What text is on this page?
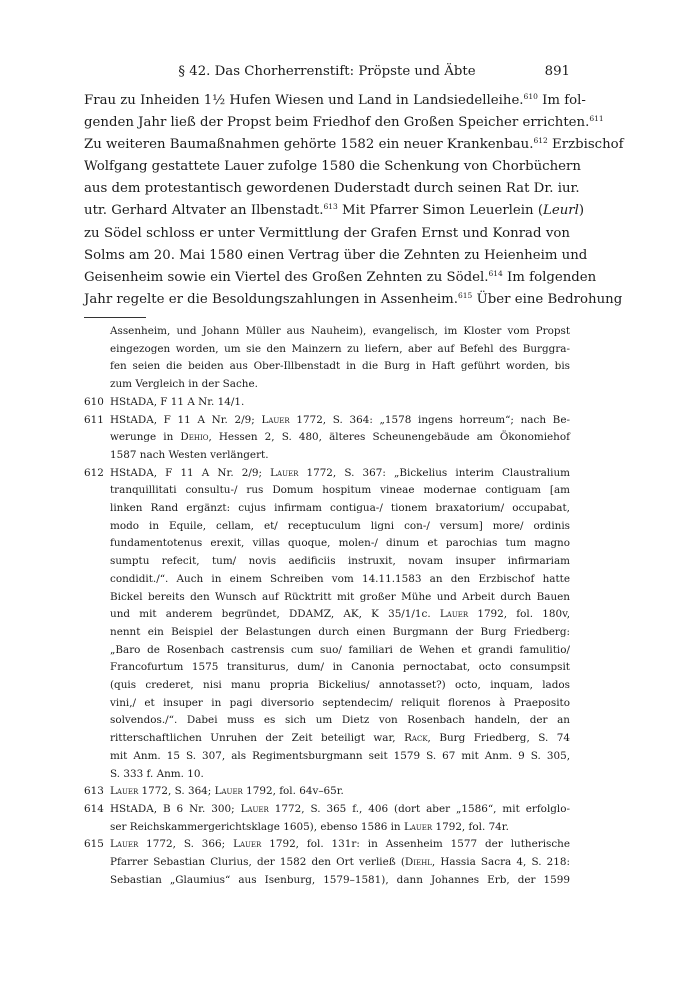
§ 42. Das Chorherrenstift: Pröpste und Äbte	891
Frau zu Inheiden 1½ Hufen Wiesen und Land in Landsiedelleihe.$^{610}$ Im fol-
genden Jahr ließ der Propst beim Friedhof den Großen Speicher errichten.$^{611}$
Zu weiteren Baumaßnahmen gehörte 1582 ein neuer Krankenbau.$^{612}$ Erzbischof
Wolfgang gestattete Lauer zufolge 1580 die Schenkung von Chorbüchern
aus dem protestantisch gewordenen Duderstadt durch seinen Rat Dr. iur.
utr. Gerhard Altvater an Ilbenstadt.$^{613}$ Mit Pfarrer Simon Leuerlein (Leurl)
zu Södel schloss er unter Vermittlung der Grafen Ernst und Konrad von
Solms am 20. Mai 1580 einen Vertrag über die Zehnten zu Heienheim und
Geisenheim sowie ein Viertel des Großen Zehnten zu Södel.$^{614}$ Im folgenden
Jahr regelte er die Besoldungszahlungen in Assenheim.$^{615}$ Über eine Bedrohung
Assenheim, und Johann Müller aus Nauheim), evangelisch, im Kloster vom Propst
eingezogen worden, um sie den Mainzern zu liefern, aber auf Befehl des Burggra-
fen seien die beiden aus Ober-Illbenstadt in die Burg in Haft geführt worden, bis
zum Vergleich in der Sache.
610 HStADA, F 11 A Nr. 14/1.
611 HStADA, F 11 A Nr. 2/9; Lauer 1772, S. 364: „1578 ingens horreum“; nach Be-
werunge in Dehio, Hessen 2, S. 480, älteres Scheunengebäude am Ökonomiehof
1587 nach Westen verlängert.
612 HStADA, F 11 A Nr. 2/9; Lauer 1772, S. 367: „Bickelius interim Claustralium
tranquillitati consultu-/ rus Domum hospitum vineae modernae contiguam [am
linken Rand ergänzt: cujus infirmam contigua-/ tionem braxatorium/ occupabat,
modo in Equile, cellam, et/ receptuculum ligni con-/ versum] more/ ordinis
fundamentotenus erexit, villas quoque, molen-/ dinum et parochias tum magno
sumptu refecit, tum/ novis aedificiis instruxit, novam insuper infirmariam
condidit./“. Auch in einem Schreiben vom 14.11.1583 an den Erzbischof hatte
Bickel bereits den Wunsch auf Rücktritt mit großer Mühe und Arbeit durch Bauen
und mit anderem begründet, DDAMZ, AK, K 35/1/1c. Lauer 1792, fol. 180v,
nennt ein Beispiel der Belastungen durch einen Burgmann der Burg Friedberg:
„Baro de Rosenbach castrensis cum suo/ familiari de Wehen et grandi famulitio/
Francofurtum 1575 transiturus, dum/ in Canonia pernoctabat, octo consumpsit
(quis crederet, nisi manu propria Bickelius/ annotasset?) octo, inquam, lados
vini,/ et insuper in pagi diversorio septendecim/ reliquit florenos à Praeposito
solvendos./“. Dabei muss es sich um Dietz von Rosenbach handeln, der an
ritterschaftlichen Unruhen der Zeit beteiligt war, Rack, Burg Friedberg, S. 74
mit Anm. 15 S. 307, als Regimentsburgmann seit 1579 S. 67 mit Anm. 9 S. 305,
S. 333 f. Anm. 10.
613 Lauer 1772, S. 364; Lauer 1792, fol. 64v–65r.
614 HStADA, B 6 Nr. 300; Lauer 1772, S. 365 f., 406 (dort aber „1586“, mit erfolglo-
ser Reichskammergerichtsklage 1605), ebenso 1586 in Lauer 1792, fol. 74r.
615 Lauer 1772, S. 366; Lauer 1792, fol. 131r: in Assenheim 1577 der lutherische
Pfarrer Sebastian Clurius, der 1582 den Ort verließ (Diehl, Hassia Sacra 4, S. 218:
Sebastian „Glaumius“ aus Isenburg, 1579–1581), dann Johannes Erb, der 1599
